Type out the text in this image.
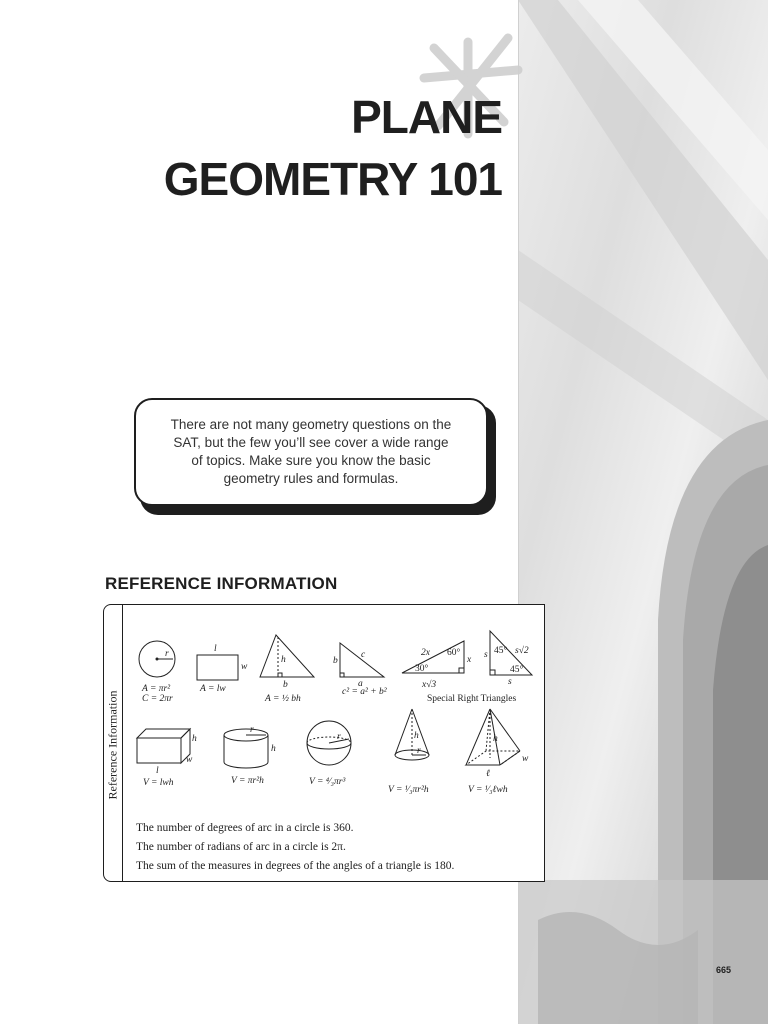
PLANE
GEOMETRY 101

There are not many geometry questions on the SAT, but the few you’ll see cover a wide range of topics. Make sure you know the basic geometry rules and formulas.

REFERENCE INFORMATION
Reference Information
r
A = πr²
C = 2πr
l
w
A = lw
h
b
A = ½ bh
b
c
a
c² = a² + b²
2x 60°
30°
x
x√3
s 45° s√2
45°
s
Special Right Triangles
h
w
l
V = lwh
r
h
V = πr²h
r
V = ⁴⁄₃πr³
h
r
V = ¹⁄₃πr²h
h
w
ℓ
V = ¹⁄₃ℓwh
The number of degrees of arc in a circle is 360.
The number of radians of arc in a circle is 2π.
The sum of the measures in degrees of the angles of a triangle is 180.
665
